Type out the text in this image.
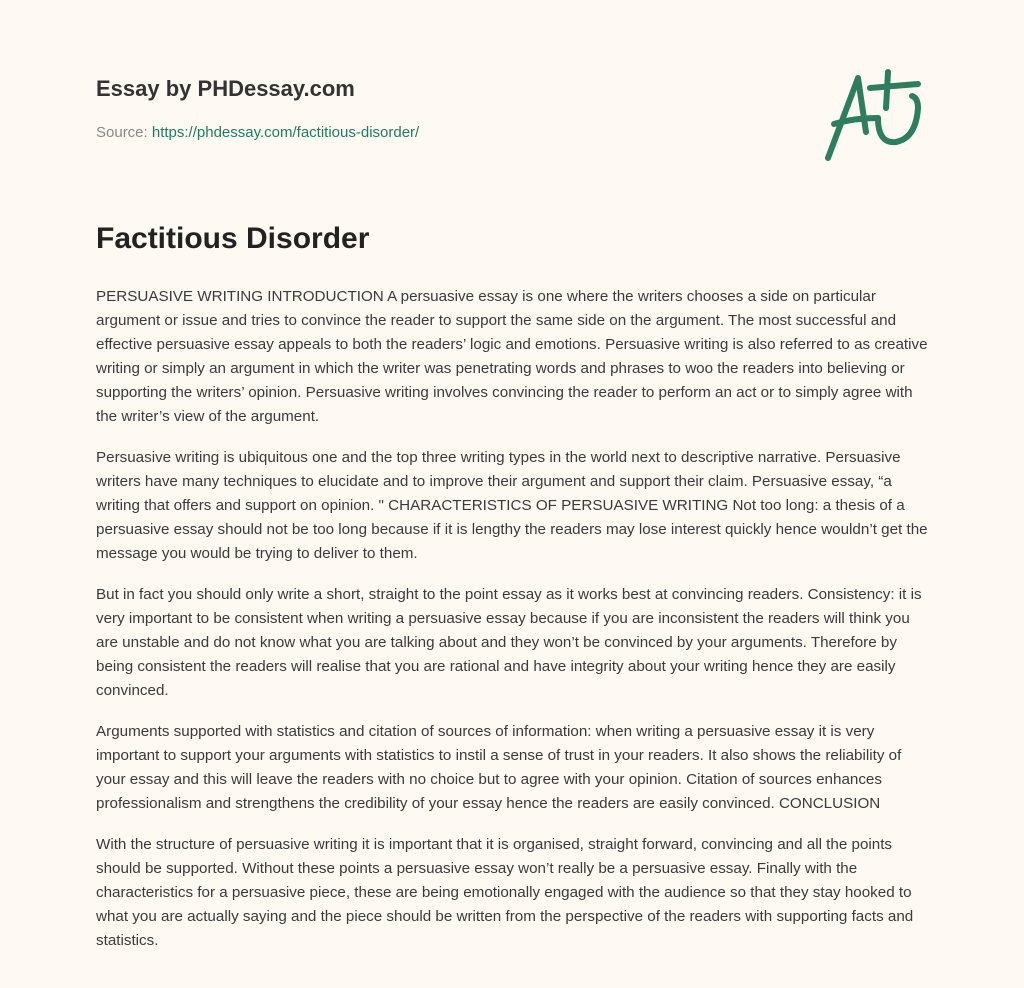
Essay by PHDessay.com
Source: https://phdessay.com/factitious-disorder/
Factitious Disorder

PERSUASIVE WRITING INTRODUCTION A persuasive essay is one where the writers chooses a side on particular argument or issue and tries to convince the reader to support the same side on the argument. The most successful and effective persuasive essay appeals to both the readers’ logic and emotions. Persuasive writing is also referred to as creative writing or simply an argument in which the writer was penetrating words and phrases to woo the readers into believing or supporting the writers’ opinion. Persuasive writing involves convincing the reader to perform an act or to simply agree with the writer’s view of the argument.

Persuasive writing is ubiquitous one and the top three writing types in the world next to descriptive narrative. Persuasive writers have many techniques to elucidate and to improve their argument and support their claim. Persuasive essay, “a writing that offers and support on opinion. " CHARACTERISTICS OF PERSUASIVE WRITING Not too long: a thesis of a persuasive essay should not be too long because if it is lengthy the readers may lose interest quickly hence wouldn’t get the message you would be trying to deliver to them.

But in fact you should only write a short, straight to the point essay as it works best at convincing readers. Consistency: it is very important to be consistent when writing a persuasive essay because if you are inconsistent the readers will think you are unstable and do not know what you are talking about and they won’t be convinced by your arguments. Therefore by being consistent the readers will realise that you are rational and have integrity about your writing hence they are easily convinced.

Arguments supported with statistics and citation of sources of information: when writing a persuasive essay it is very important to support your arguments with statistics to instil a sense of trust in your readers. It also shows the reliability of your essay and this will leave the readers with no choice but to agree with your opinion. Citation of sources enhances professionalism and strengthens the credibility of your essay hence the readers are easily convinced. CONCLUSION

With the structure of persuasive writing it is important that it is organised, straight forward, convincing and all the points should be supported. Without these points a persuasive essay won’t really be a persuasive essay. Finally with the characteristics for a persuasive piece, these are being emotionally engaged with the audience so that they stay hooked to what you are actually saying and the piece should be written from the perspective of the readers with supporting facts and statistics.
